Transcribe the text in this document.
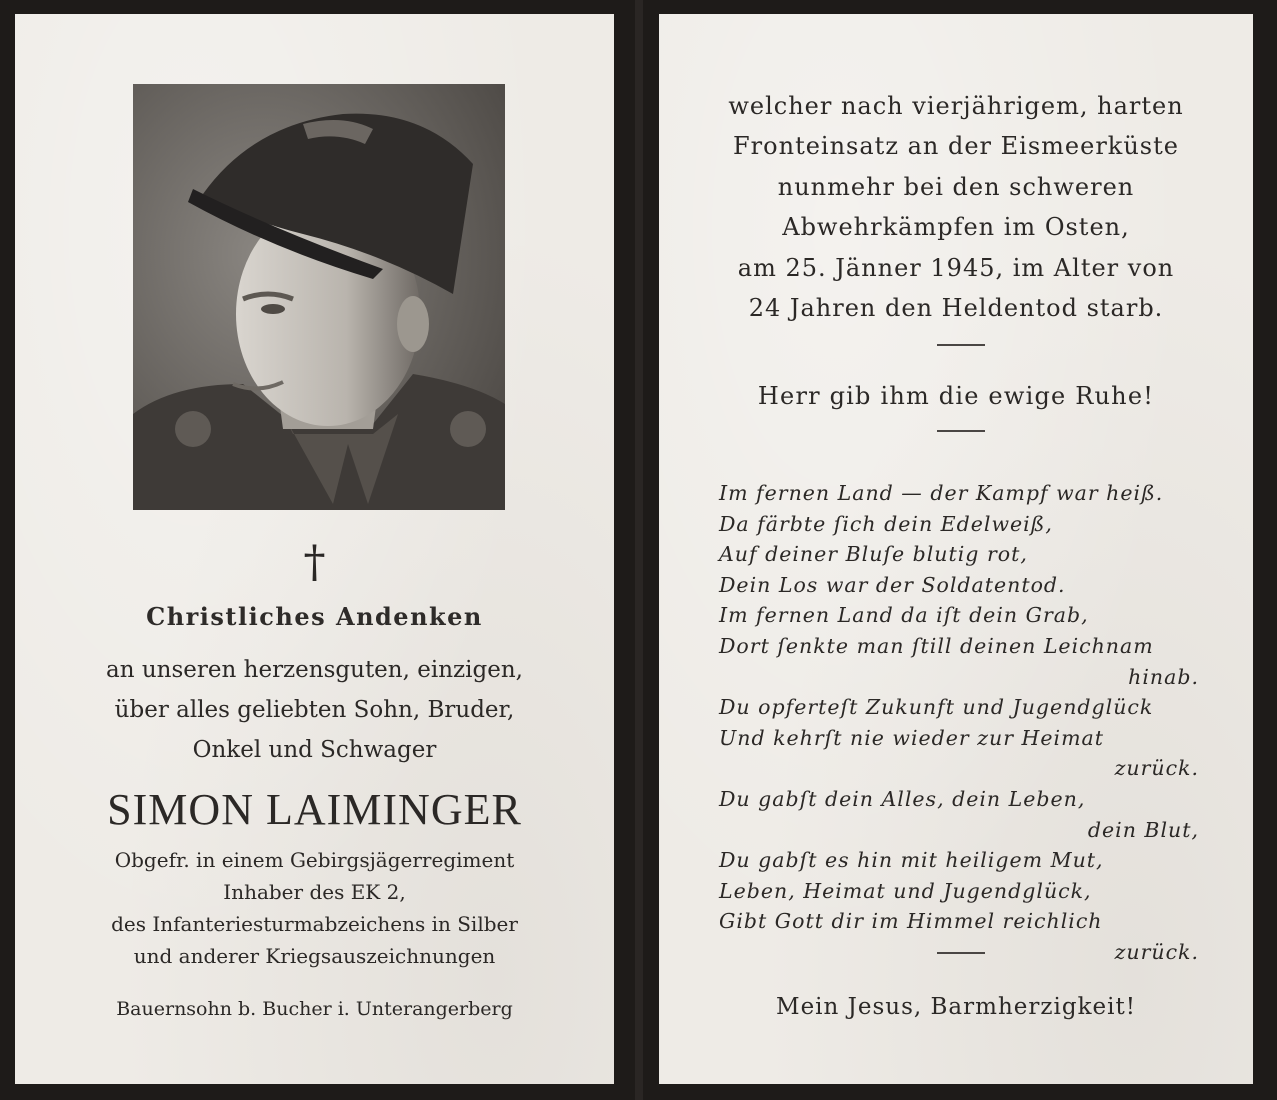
†
Christliches Andenken
an unseren herzensguten, einzigen,
über alles geliebten Sohn, Bruder,
Onkel und Schwager
SIMON LAIMINGER
Obgefr. in einem Gebirgsjägerregiment
Inhaber des EK 2,
des Infanteriesturmabzeichens in Silber
und anderer Kriegsauszeichnungen
Bauernsohn b. Bucher i. Unterangerberg
welcher nach vierjährigem, harten
Fronteinsatz an der Eismeerküste
nunmehr bei den schweren
Abwehrkämpfen im Osten,
am 25. Jänner 1945, im Alter von
24 Jahren den Heldentod starb.
Herr gib ihm die ewige Ruhe!
Im fernen Land — der Kampf war heiß.
Da färbte ſich dein Edelweiß,
Auf deiner Bluſe blutig rot,
Dein Los war der Soldatentod.
Im fernen Land da iſt dein Grab,
Dort ſenkte man ſtill deinen Leichnam
hinab.
Du opferteſt Zukunft und Jugendglück
Und kehrſt nie wieder zur Heimat
zurück.
Du gabſt dein Alles, dein Leben,
dein Blut,
Du gabſt es hin mit heiligem Mut,
Leben, Heimat und Jugendglück,
Gibt Gott dir im Himmel reichlich
zurück.
Mein Jesus, Barmherzigkeit!
